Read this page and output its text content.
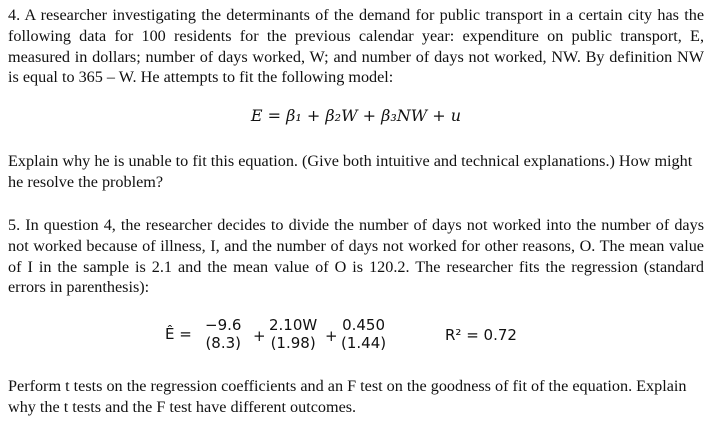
4. A researcher investigating the determinants of the demand for public transport in a certain city has the following data for 100 residents for the previous calendar year: expenditure on public transport, E, measured in dollars; number of days worked, W; and number of days not worked, NW. By definition NW is equal to 365 – W. He attempts to fit the following model:
E = β₁ + β₂W + β₃NW + u
Explain why he is unable to fit this equation. (Give both intuitive and technical explanations.) How might he resolve the problem?
5. In question 4, the researcher decides to divide the number of days not worked into the number of days not worked because of illness, I, and the number of days not worked for other reasons, O. The mean value of I in the sample is 2.1 and the mean value of O is 120.2. The researcher fits the regression (standard errors in parenthesis):
Ê = −9.6
(8.3) +
2.10W
(1.98) +
0.450
(1.44)	R² = 0.72
Perform t tests on the regression coefficients and an F test on the goodness of fit of the equation. Explain why the t tests and the F test have different outcomes.
